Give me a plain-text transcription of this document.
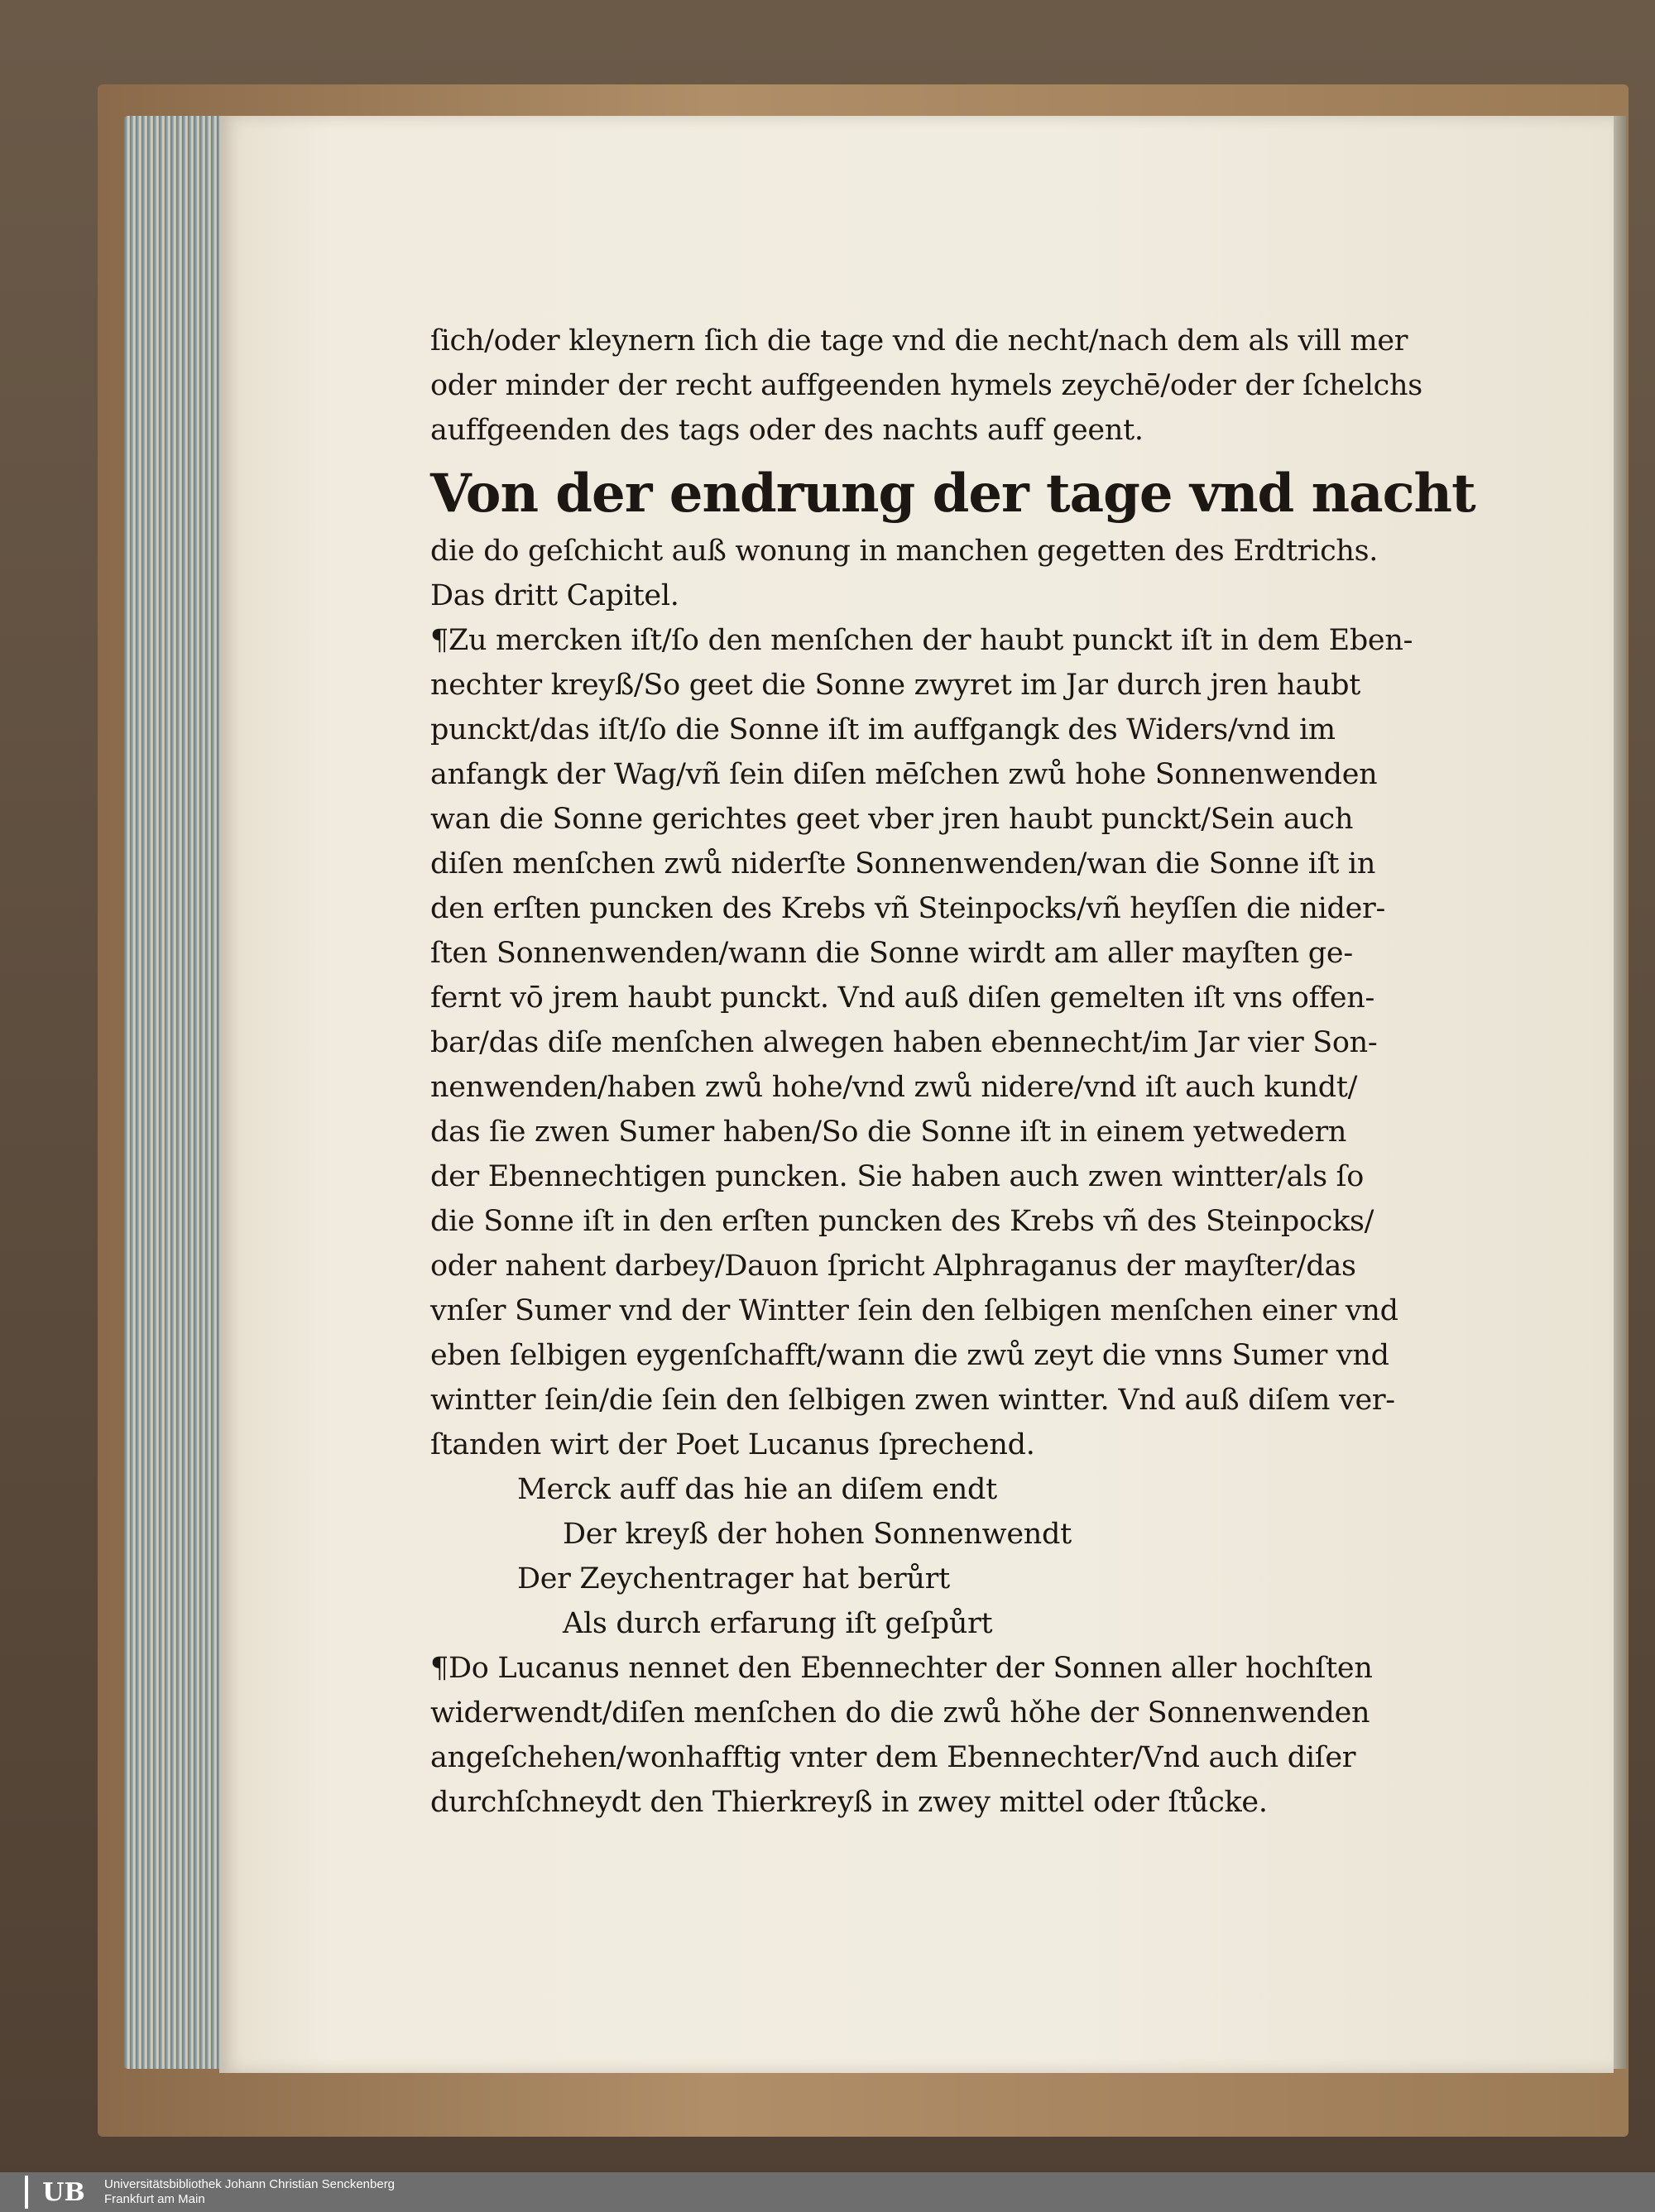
ſich/oder kleynern ſich die tage vnd die necht/nach dem als vill mer
oder minder der recht auffgeenden hymels zeychē/oder der ſchelchs
auffgeenden des tags oder des nachts auff geent.
Von der endrung der tage vnd nacht
die do geſchicht auß wonung in manchen gegetten des Erdtrichs.
Das dritt Capitel.
¶Zu mercken iſt/ſo den menſchen der haubt punckt iſt in dem Eben-
nechter kreyß/So geet die Sonne zwyret im Jar durch jren haubt
punckt/das iſt/ſo die Sonne iſt im auffgangk des Widers/vnd im
anfangk der Wag/vñ ſein diſen mēſchen zwů hohe Sonnenwenden
wan die Sonne gerichtes geet vber jren haubt punckt/Sein auch
diſen menſchen zwů niderſte Sonnenwenden/wan die Sonne iſt in
den erſten puncken des Krebs vñ Steinpocks/vñ heyſſen die nider-
ſten Sonnenwenden/wann die Sonne wirdt am aller mayſten ge-
fernt vō jrem haubt punckt. Vnd auß diſen gemelten iſt vns offen-
bar/das diſe menſchen alwegen haben ebennecht/im Jar vier Son-
nenwenden/haben zwů hohe/vnd zwů nidere/vnd iſt auch kundt/
das ſie zwen Sumer haben/So die Sonne iſt in einem yetwedern
der Ebennechtigen puncken. Sie haben auch zwen wintter/als ſo
die Sonne iſt in den erſten puncken des Krebs vñ des Steinpocks/
oder nahent darbey/Dauon ſpricht Alphraganus der mayſter/das
vnſer Sumer vnd der Wintter ſein den ſelbigen menſchen einer vnd
eben ſelbigen eygenſchafft/wann die zwů zeyt die vnns Sumer vnd
wintter ſein/die ſein den ſelbigen zwen wintter. Vnd auß diſem ver-
ſtanden wirt der Poet Lucanus ſprechend.
Merck auff das hie an diſem endt
Der kreyß der hohen Sonnenwendt
Der Zeychentrager hat berůrt
Als durch erfarung iſt geſpůrt
¶Do Lucanus nennet den Ebennechter der Sonnen aller hochſten
widerwendt/diſen menſchen do die zwů hǒhe der Sonnenwenden
angeſchehen/wonhafftig vnter dem Ebennechter/Vnd auch diſer
durchſchneydt den Thierkreyß in zwey mittel oder ſtůcke.
UB	Universitätsbibliothek Johann Christian Senckenberg
Frankfurt am Main
